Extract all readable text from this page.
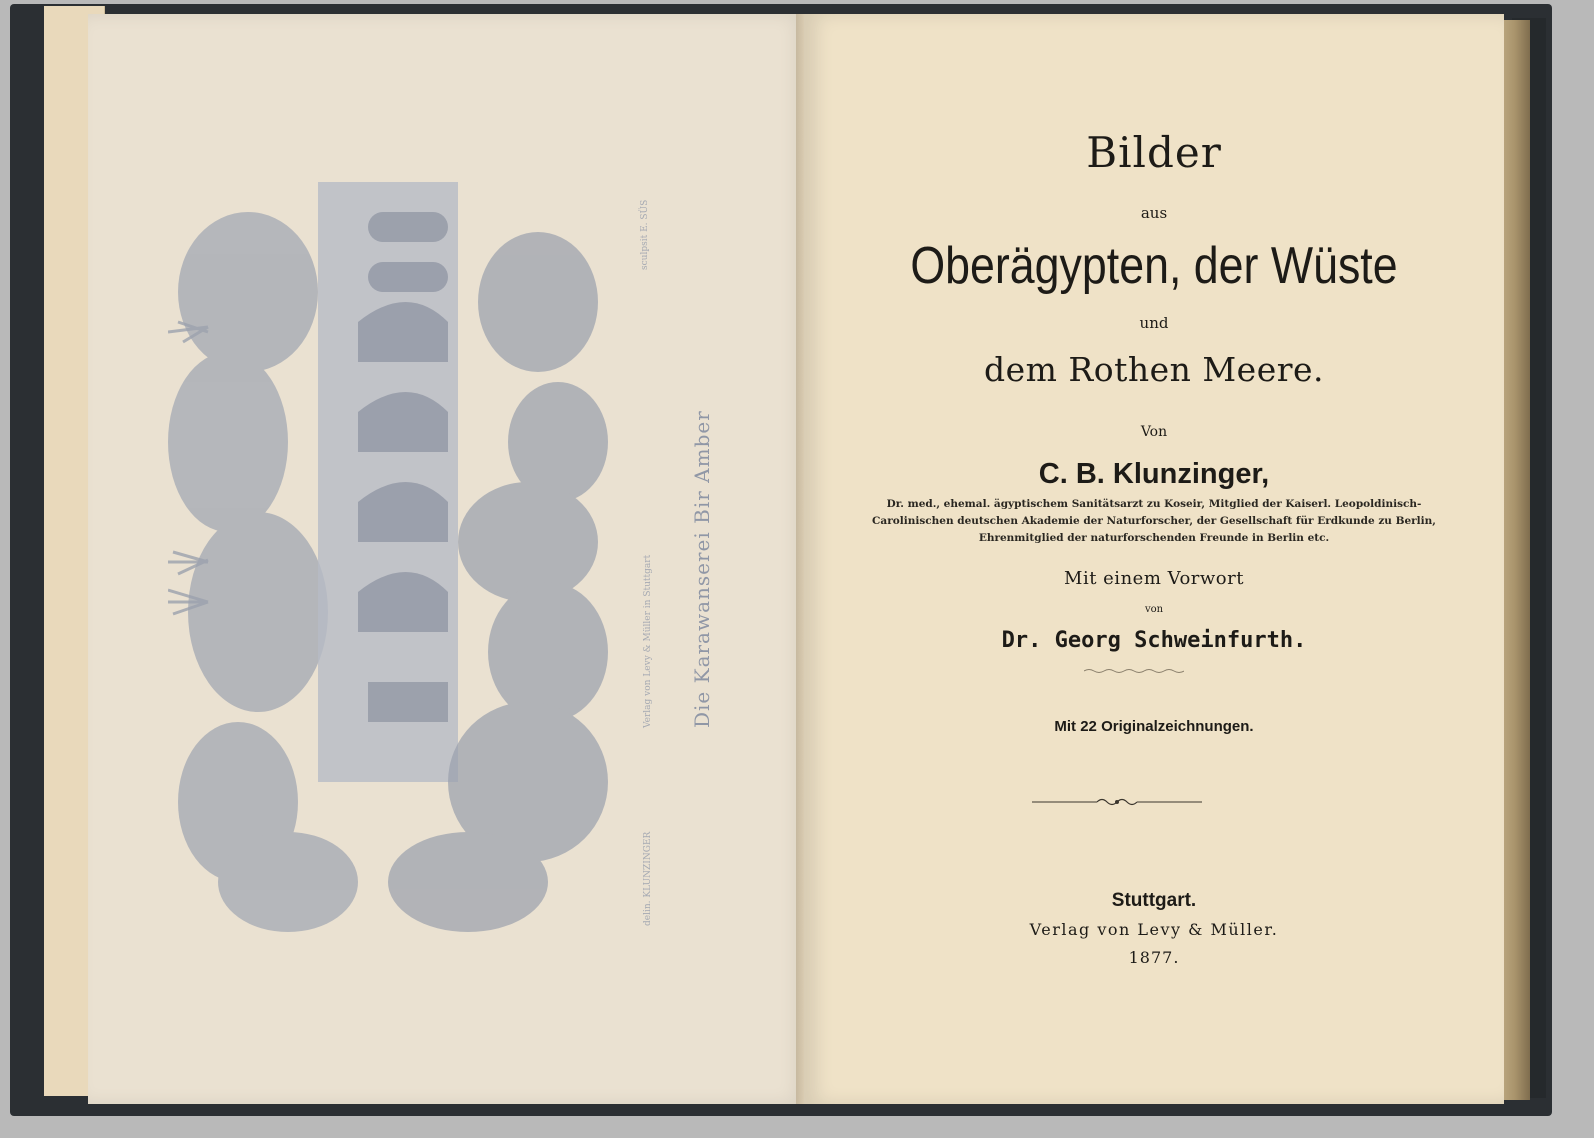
Die Karawanserei Bir Amber
sculpsit E. SÜS
delin. KLUNZINGER
Verlag von Levy & Müller in Stuttgart
Bilder
aus
Oberägypten, der Wüste
und
dem Rothen Meere.
Von
C. B. Klunzinger,
Dr. med., ehemal. ägyptischem Sanitätsarzt zu Koseir, Mitglied der Kaiserl. Leopoldinisch-Carolinischen deutschen Akademie der Naturforscher, der Gesellschaft für Erdkunde zu Berlin, Ehrenmitglied der naturforschenden Freunde in Berlin etc.
Mit einem Vorwort
von
Dr. Georg Schweinfurth.
Mit 22 Originalzeichnungen.
Stuttgart.
Verlag von Levy & Müller.
1877.
